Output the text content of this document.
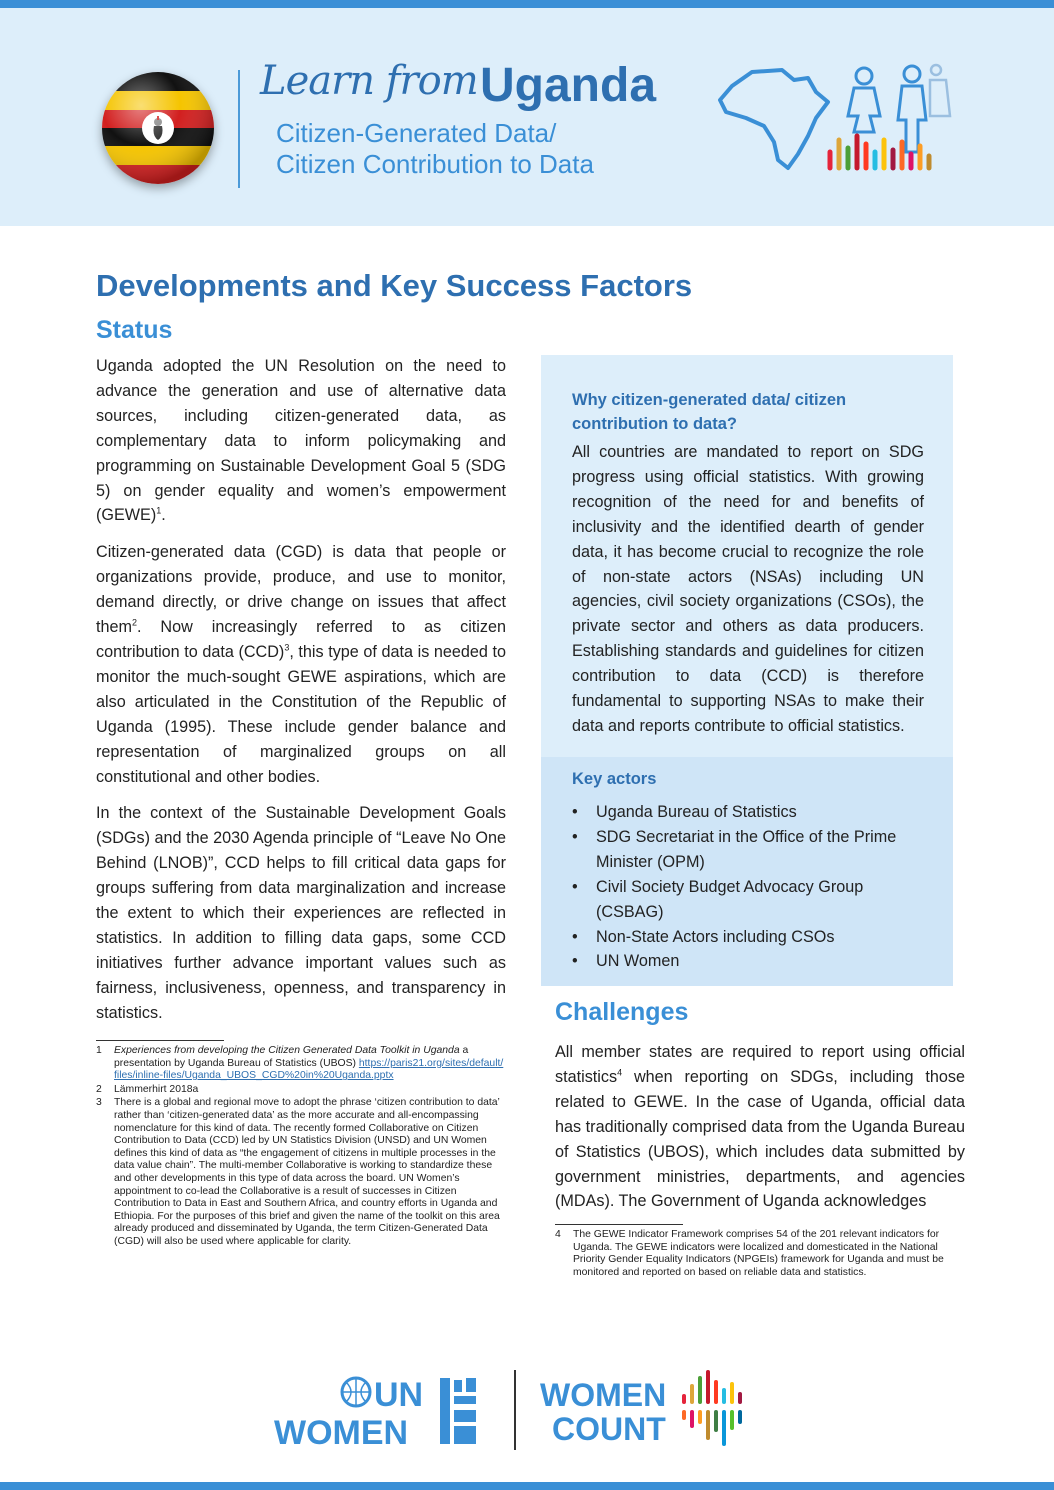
Learn from Uganda
Citizen-Generated Data/
Citizen Contribution to Data
Developments and Key Success Factors
Status

Uganda adopted the UN Resolution on the need to advance the generation and use of alternative data sources, including citizen-generated data, as complementary data to inform policymaking and programming on Sustainable Development Goal 5 (SDG 5) on gender equality and women’s empowerment (GEWE)$^1$.

Citizen-generated data (CGD) is data that people or organizations provide, produce, and use to monitor, demand directly, or drive change on issues that affect them$^2$. Now increasingly referred to as citizen contribution to data (CCD)$^3$, this type of data is needed to monitor the much-sought GEWE aspirations, which are also articulated in the Constitution of the Republic of Uganda (1995). These include gender balance and representation of marginalized groups on all constitutional and other bodies.

In the context of the Sustainable Development Goals (SDGs) and the 2030 Agenda principle of “Leave No One Behind (LNOB)”, CCD helps to fill critical data gaps for groups suffering from data marginalization and increase the extent to which their experiences are reflected in statistics. In addition to filling data gaps, some CCD initiatives further advance important values such as fairness, inclusiveness, openness, and transparency in statistics.

1	Experiences from developing the Citizen Generated Data Toolkit in Uganda a presentation by Uganda Bureau of Statistics (UBOS) https://paris21.org/sites/default/files/inline-files/Uganda_UBOS_CGD%20in%20Uganda.pptx
2	Lämmerhirt 2018a
3	There is a global and regional move to adopt the phrase ‘citizen contribution to data’ rather than ‘citizen-generated data’ as the more accurate and all-encompassing nomenclature for this kind of data. The recently formed Collaborative on Citizen Contribution to Data (CCD) led by UN Statistics Division (UNSD) and UN Women defines this kind of data as “the engagement of citizens in multiple processes in the data value chain”. The multi-member Collaborative is working to standardize these and other developments in this type of data across the board. UN Women’s appointment to co-lead the Collaborative is a result of successes in Citizen Contribution to Data in East and Southern Africa, and country efforts in Uganda and Ethiopia. For the purposes of this brief and given the name of the toolkit on this area already produced and disseminated by Uganda, the term Citizen-Generated Data (CGD) will also be used where applicable for clarity.
Why citizen-generated data/ citizen contribution to data?
All countries are mandated to report on SDG progress using official statistics. With growing recognition of the need for and benefits of inclusivity and the identified dearth of gender data, it has become crucial to recognize the role of non-state actors (NSAs) including UN agencies, civil society organizations (CSOs), the private sector and others as data producers. Establishing standards and guidelines for citizen contribution to data (CCD) is therefore fundamental to supporting NSAs to make their data and reports contribute to official statistics.
Key actors
• Uganda Bureau of Statistics
• SDG Secretariat in the Office of the Prime Minister (OPM)
• Civil Society Budget Advocacy Group (CSBAG)
• Non-State Actors including CSOs
• UN Women
Challenges

All member states are required to report using official statistics$^4$ when reporting on SDGs, including those related to GEWE. In the case of Uganda, official data has traditionally comprised data from the Uganda Bureau of Statistics (UBOS), which includes data submitted by government ministries, departments, and agencies (MDAs). The Government of Uganda acknowledges

4	The GEWE Indicator Framework comprises 54 of the 201 relevant indicators for Uganda. The GEWE indicators were localized and domesticated in the National Priority Gender Equality Indicators (NPGEIs) framework for Uganda and must be monitored and reported on based on reliable data and statistics.
UN
WOMEN
WOMEN
COUNT
